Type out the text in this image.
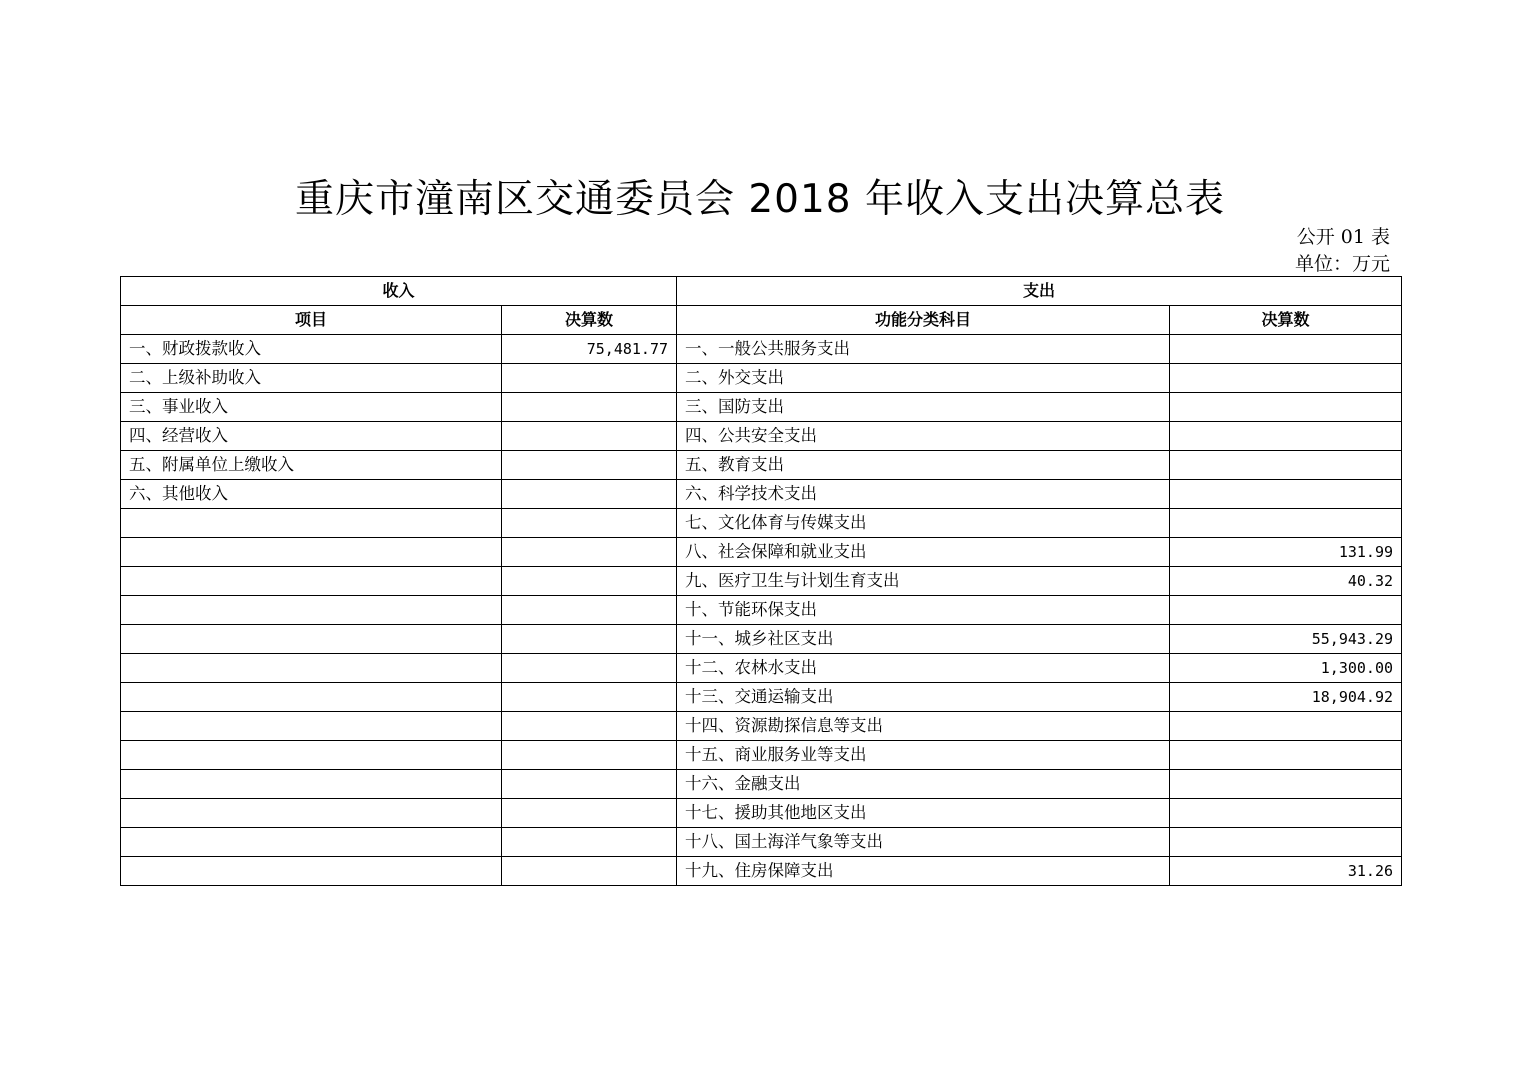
重庆市潼南区交通委员会 2018 年收入支出决算总表
公开 01 表
单位：万元
收入		支出	
项目	决算数	功能分类科目	决算数
一、财政拨款收入	75,481.77	一、一般公共服务支出	
二、上级补助收入		二、外交支出	
三、事业收入		三、国防支出	
四、经营收入		四、公共安全支出	
五、附属单位上缴收入		五、教育支出	
六、其他收入		六、科学技术支出	
		七、文化体育与传媒支出	
		八、社会保障和就业支出	131.99
		九、医疗卫生与计划生育支出	40.32
		十、节能环保支出	
		十一、城乡社区支出	55,943.29
		十二、农林水支出	1,300.00
		十三、交通运输支出	18,904.92
		十四、资源勘探信息等支出	
		十五、商业服务业等支出	
		十六、金融支出	
		十七、援助其他地区支出	
		十八、国土海洋气象等支出	
		十九、住房保障支出	31.26
